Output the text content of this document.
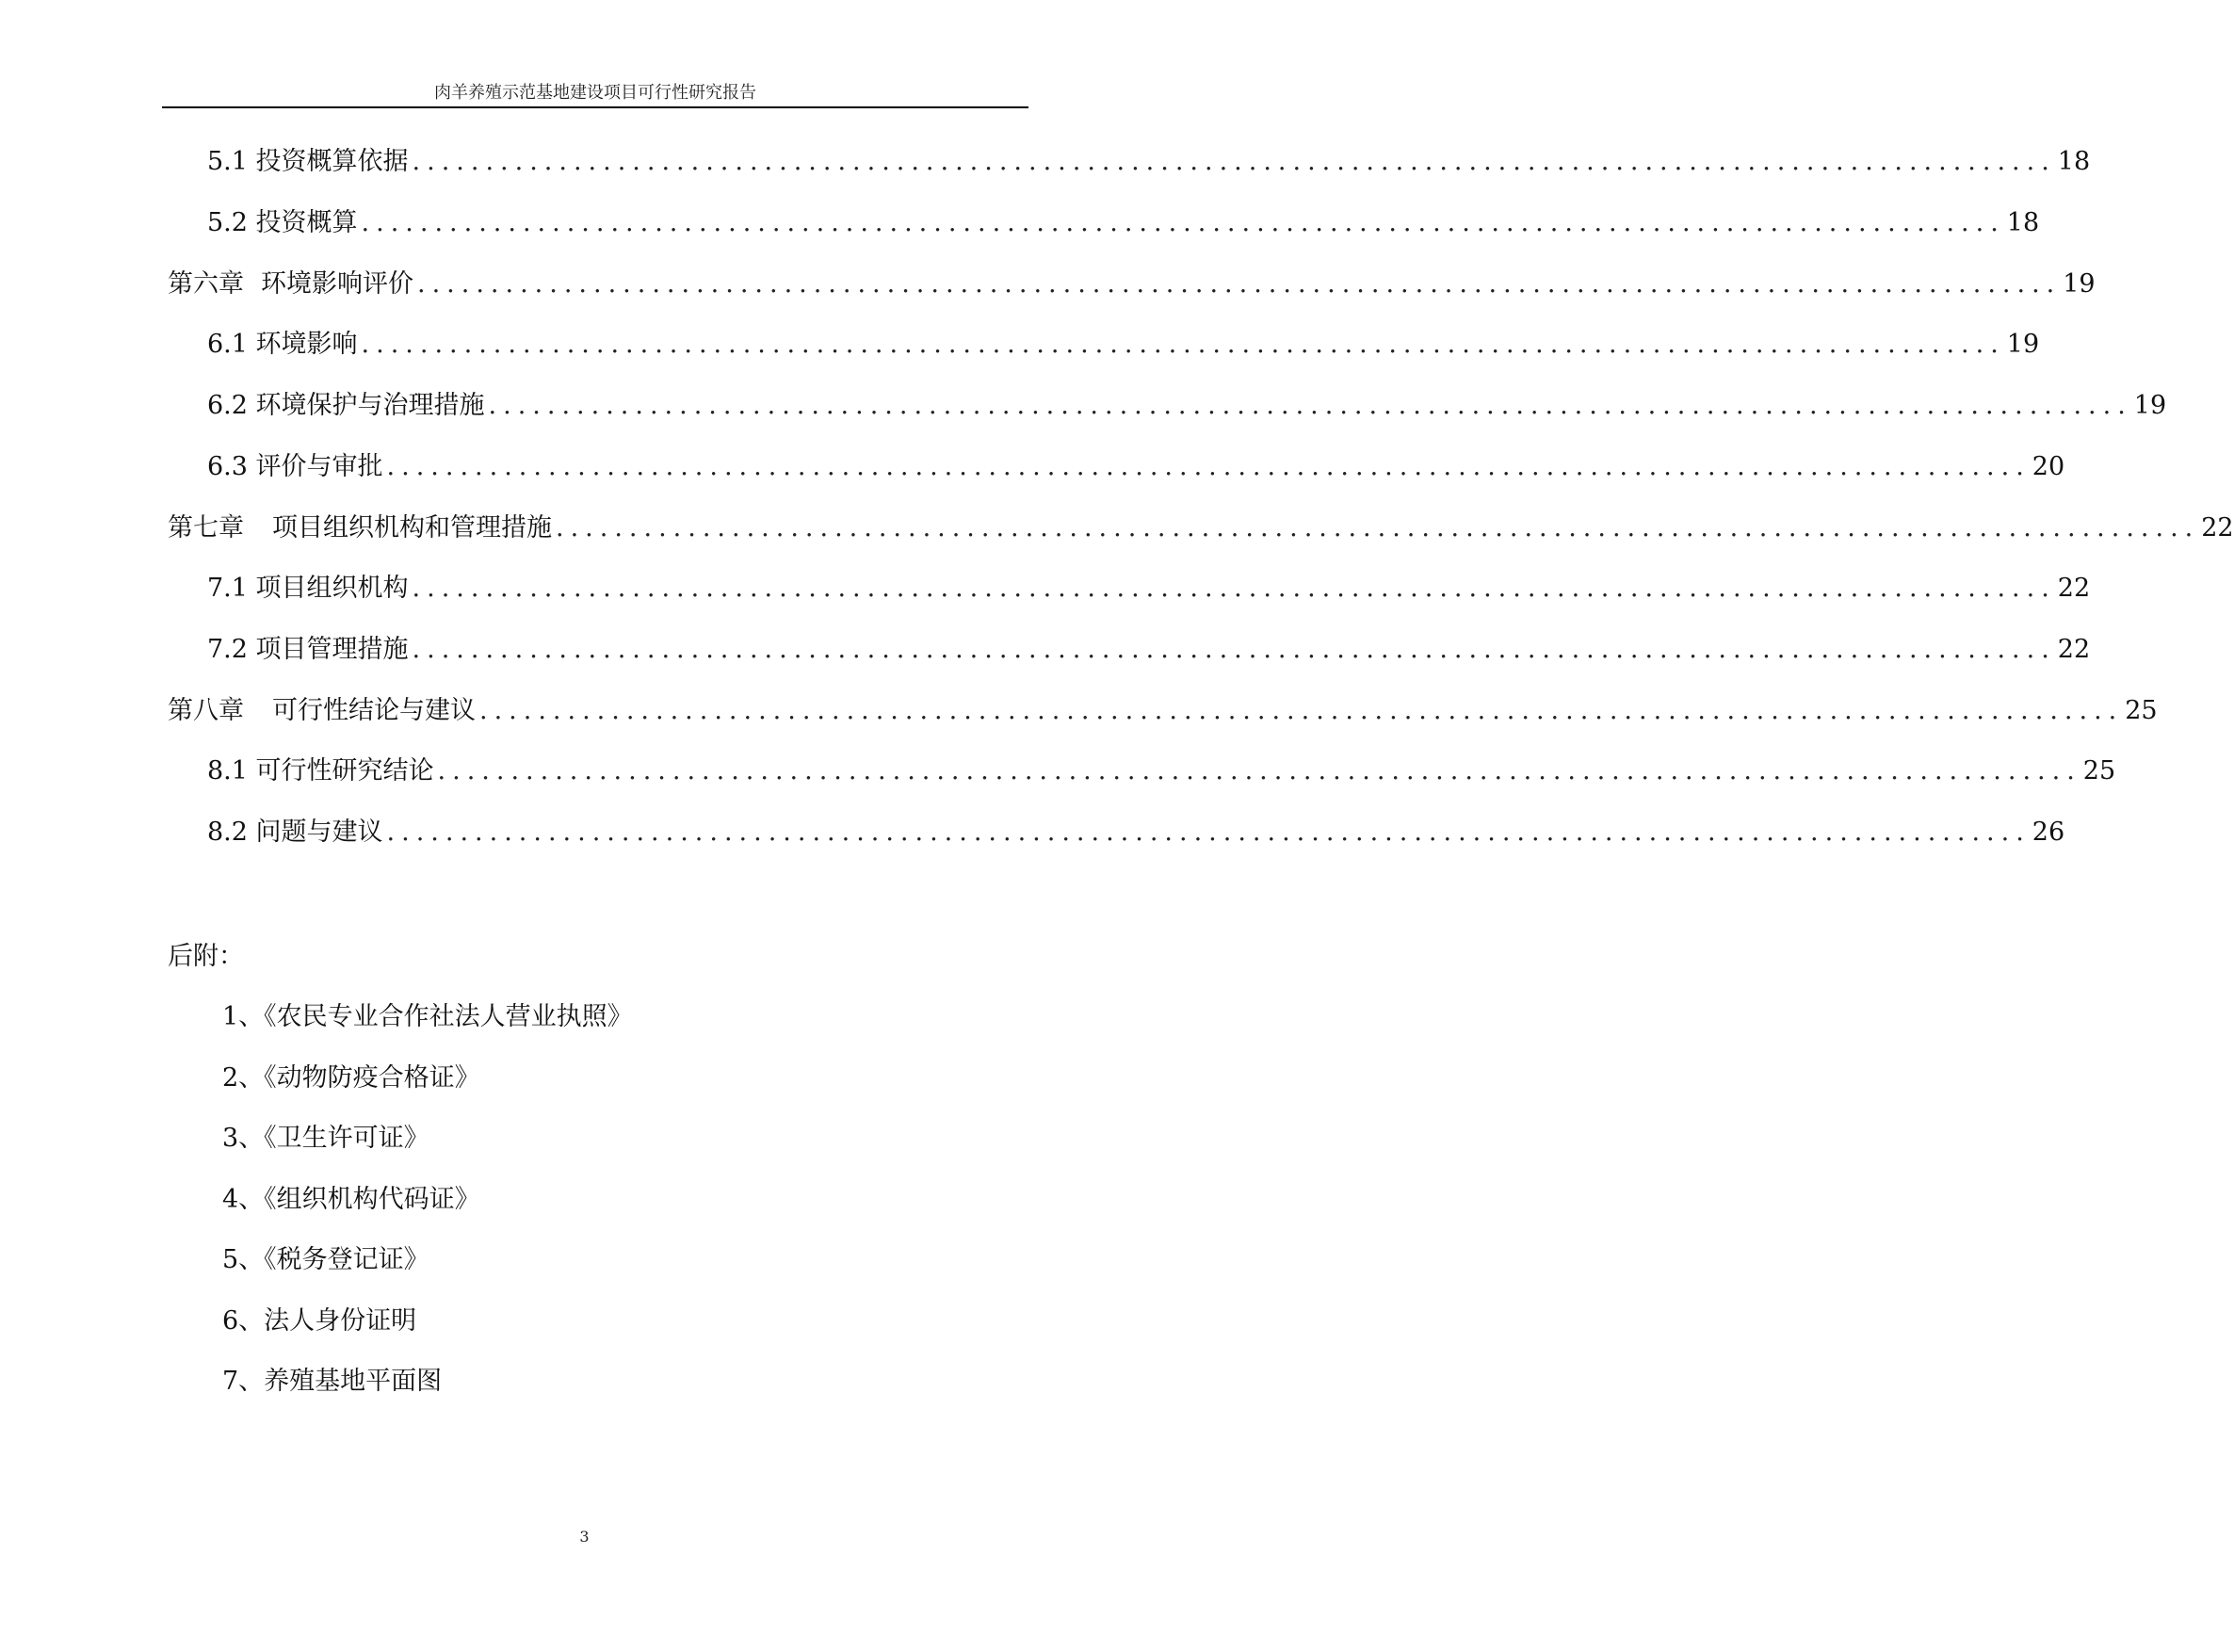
肉羊养殖示范基地建设项目可行性研究报告
5.1 投资概算依据 ................................................................................................................ 18
5.2 投资概算 ................................................................................................................ 18
第六章 环境影响评价 ................................................................................................................ 19
6.1 环境影响 ................................................................................................................ 19
6.2 环境保护与治理措施 ................................................................................................................ 19
6.3 评价与审批 ................................................................................................................ 20
第七章 项目组织机构和管理措施 ................................................................................................................ 22
7.1 项目组织机构 ................................................................................................................ 22
7.2 项目管理措施 ................................................................................................................ 22
第八章 可行性结论与建议 ................................................................................................................ 25
8.1 可行性研究结论 ................................................................................................................ 25
8.2 问题与建议 ................................................................................................................ 26
后附：
1、《农民专业合作社法人营业执照》
2、《动物防疫合格证》
3、《卫生许可证》
4、《组织机构代码证》
5、《税务登记证》
6、法人身份证明
7、养殖基地平面图
3
